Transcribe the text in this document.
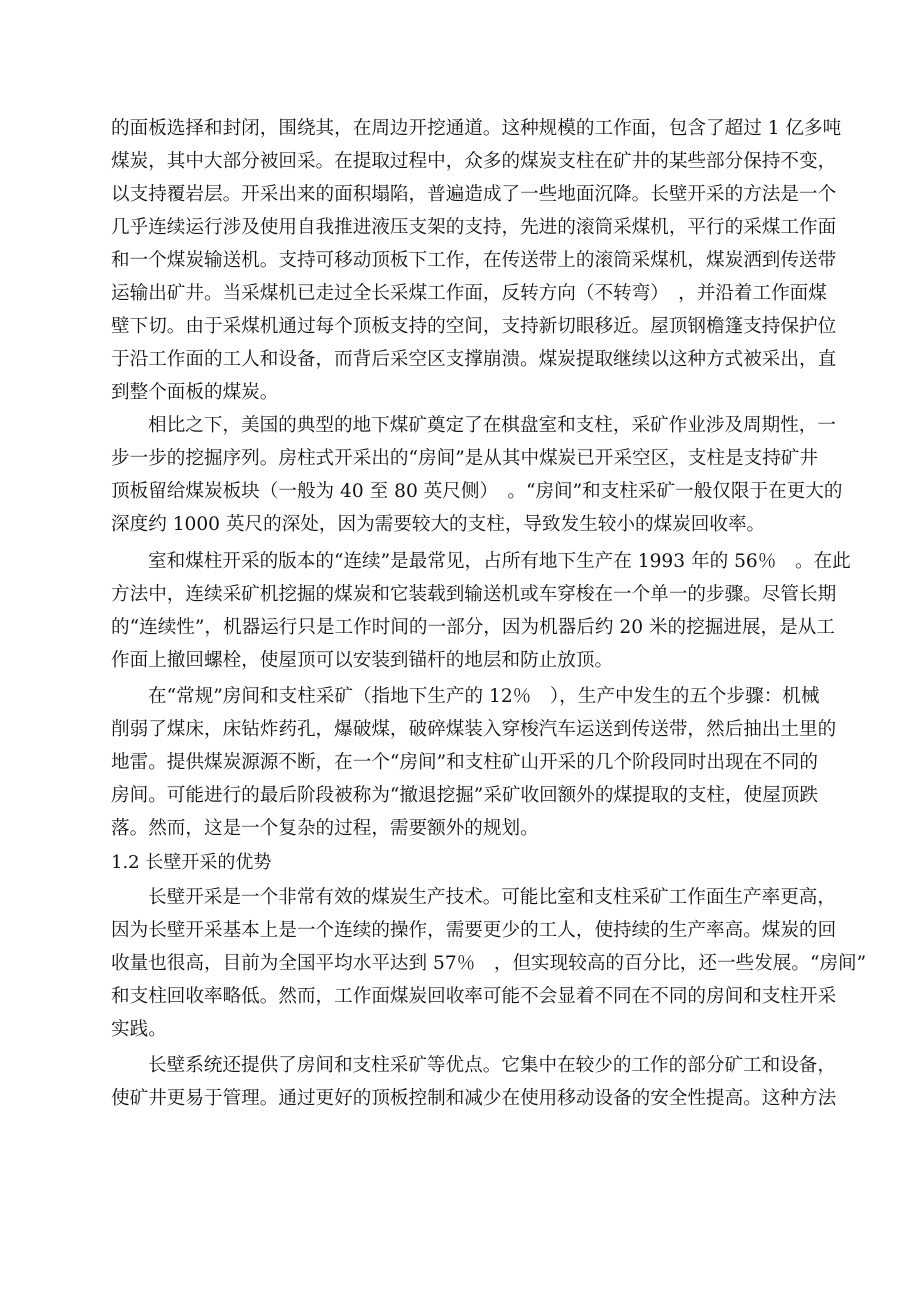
的面板选择和封闭，围绕其，在周边开挖通道。这种规模的工作面，包含了超过 1 亿多吨
煤炭，其中大部分被回采。在提取过程中，众多的煤炭支柱在矿井的某些部分保持不变，
以支持覆岩层。开采出来的面积塌陷，普遍造成了一些地面沉降。长壁开采的方法是一个
几乎连续运行涉及使用自我推进液压支架的支持，先进的滚筒采煤机，平行的采煤工作面
和一个煤炭输送机。支持可移动顶板下工作，在传送带上的滚筒采煤机，煤炭洒到传送带
运输出矿井。当采煤机已走过全长采煤工作面，反转方向（不转弯）　，并沿着工作面煤
壁下切。由于采煤机通过每个顶板支持的空间，支持新切眼移近。屋顶钢檐篷支持保护位
于沿工作面的工人和设备，而背后采空区支撑崩溃。煤炭提取继续以这种方式被采出，直
到整个面板的煤炭。
相比之下，美国的典型的地下煤矿奠定了在棋盘室和支柱，采矿作业涉及周期性，一
步一步的挖掘序列。房柱式开采出的“房间”是从其中煤炭已开采空区，支柱是支持矿井
顶板留给煤炭板块（一般为 40 至 80 英尺侧）　。“房间”和支柱采矿一般仅限于在更大的
深度约 1000 英尺的深处，因为需要较大的支柱，导致发生较小的煤炭回收率。
室和煤柱开采的版本的“连续”是最常见，占所有地下生产在 1993 年的 56％　。在此
方法中，连续采矿机挖掘的煤炭和它装载到输送机或车穿梭在一个单一的步骤。尽管长期
的“连续性”，机器运行只是工作时间的一部分，因为机器后约 20 米的挖掘进展，是从工
作面上撤回螺栓，使屋顶可以安装到锚杆的地层和防止放顶。
在“常规”房间和支柱采矿（指地下生产的 12％　），生产中发生的五个步骤：机械
削弱了煤床，床钻炸药孔，爆破煤，破碎煤装入穿梭汽车运送到传送带，然后抽出土里的
地雷。提供煤炭源源不断，在一个“房间”和支柱矿山开采的几个阶段同时出现在不同的
房间。可能进行的最后阶段被称为“撤退挖掘”采矿收回额外的煤提取的支柱，使屋顶跌
落。然而，这是一个复杂的过程，需要额外的规划。
1.2 长壁开采的优势
长壁开采是一个非常有效的煤炭生产技术。可能比室和支柱采矿工作面生产率更高，
因为长壁开采基本上是一个连续的操作，需要更少的工人，使持续的生产率高。煤炭的回
收量也很高，目前为全国平均水平达到 57％　，但实现较高的百分比，还一些发展。“房间”
和支柱回收率略低。然而，工作面煤炭回收率可能不会显着不同在不同的房间和支柱开采
实践。
长壁系统还提供了房间和支柱采矿等优点。它集中在较少的工作的部分矿工和设备，
使矿井更易于管理。通过更好的顶板控制和减少在使用移动设备的安全性提高。这种方法
